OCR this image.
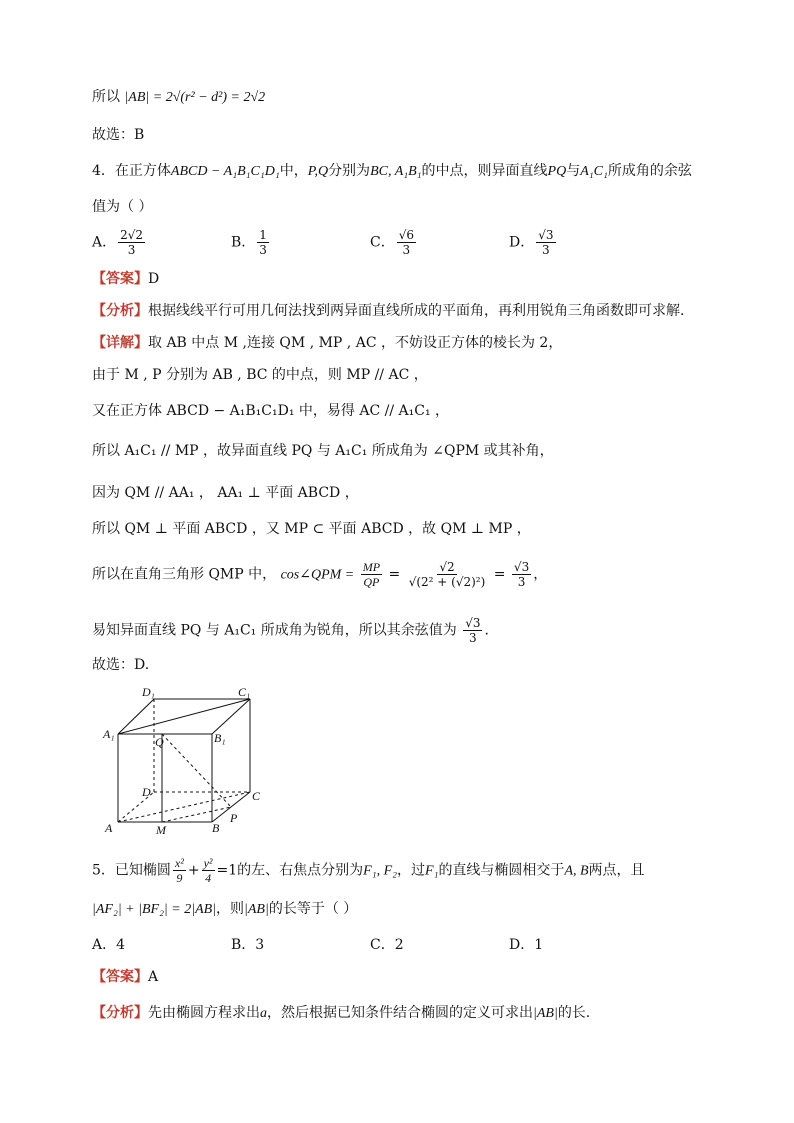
所以 |AB| = 2√(r² − d²) = 2√2
故选：B
4．在正方体ABCD − A₁B₁C₁D₁中，P,Q分别为BC, A₁B₁的中点，则异面直线PQ与A₁C₁所成角的余弦
值为（ ）
A． $\frac{2√2}{3}$	B． $\frac{1}{3}$	C． $\frac{√6}{3}$	D． $\frac{√3}{3}$
【答案】D
【分析】根据线线平行可用几何法找到两异面直线所成的平面角，再利用锐角三角函数即可求解.
【详解】取 AB 中点 M ,连接 QM , MP , AC ，不妨设正方体的棱长为 2，
由于 M , P 分别为 AB , BC 的中点，则 MP // AC ，
又在正方体 ABCD − A₁B₁C₁D₁ 中，易得 AC // A₁C₁ ，
所以 A₁C₁ // MP ，故异面直线 PQ 与 A₁C₁ 所成角为 ∠QPM 或其补角，
因为 QM // AA₁ ， AA₁ ⊥ 平面 ABCD ，
所以 QM ⊥ 平面 ABCD ，又 MP ⊂ 平面 ABCD ，故 QM ⊥ MP ，
所以在直角三角形 QMP 中， cos∠QPM = $\frac{MP}{QP} = \frac{√2}{\text{√(2² + (√2)²)}} = \frac{√3}{3}$ ，
易知异面直线 PQ 与 A₁C₁ 所成角为锐角，所以其余弦值为 $\frac{√3}{3}$ .
故选：D.
D₁	C₁
A₁	B₁
Q
D	C
A	B
M
P
5．已知椭圆 $\frac{\text{x²}}{9} + \frac{\text{y²}}{4} =1$的左、右焦点分别为F₁, F₂，过F₁的直线与椭圆相交于A, B两点，且
|AF₂| + |BF₂| = 2|AB|，则|AB|的长等于（ ）
A．4	B．3	C．2	D．1
【答案】A
【分析】先由椭圆方程求出a，然后根据已知条件结合椭圆的定义可求出|AB|的长.
